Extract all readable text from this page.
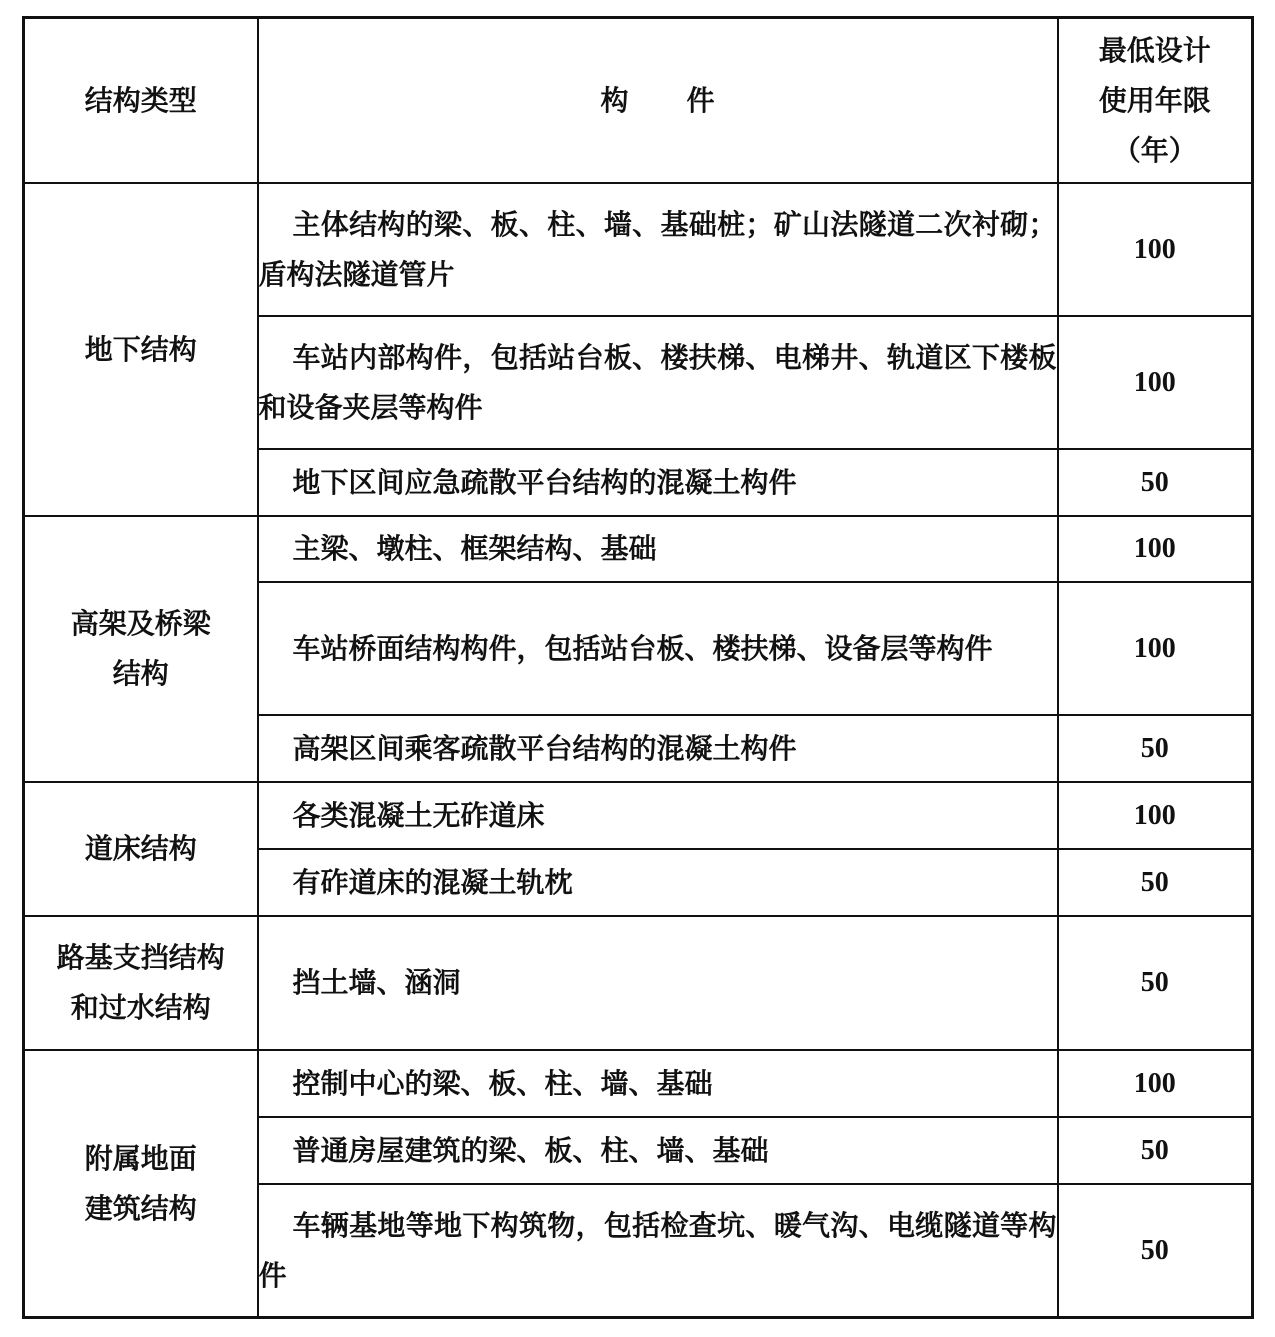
结构类型	构 件	最低设计
使用年限
（年）
地下结构	主体结构的梁、板、柱、墙、基础桩；矿山法隧道二次衬砌；盾构法隧道管片	100
	车站内部构件，包括站台板、楼扶梯、电梯井、轨道区下楼板和设备夹层等构件	100
	地下区间应急疏散平台结构的混凝土构件	50
高架及桥梁
结构	主梁、墩柱、框架结构、基础	100
	车站桥面结构构件，包括站台板、楼扶梯、设备层等构件	100
	高架区间乘客疏散平台结构的混凝土构件	50
道床结构	各类混凝土无砟道床	100
	有砟道床的混凝土轨枕	50
路基支挡结构
和过水结构	挡土墙、涵洞	50
附属地面
建筑结构	控制中心的梁、板、柱、墙、基础	100
	普通房屋建筑的梁、板、柱、墙、基础	50
	车辆基地等地下构筑物，包括检查坑、暖气沟、电缆隧道等构件	50
